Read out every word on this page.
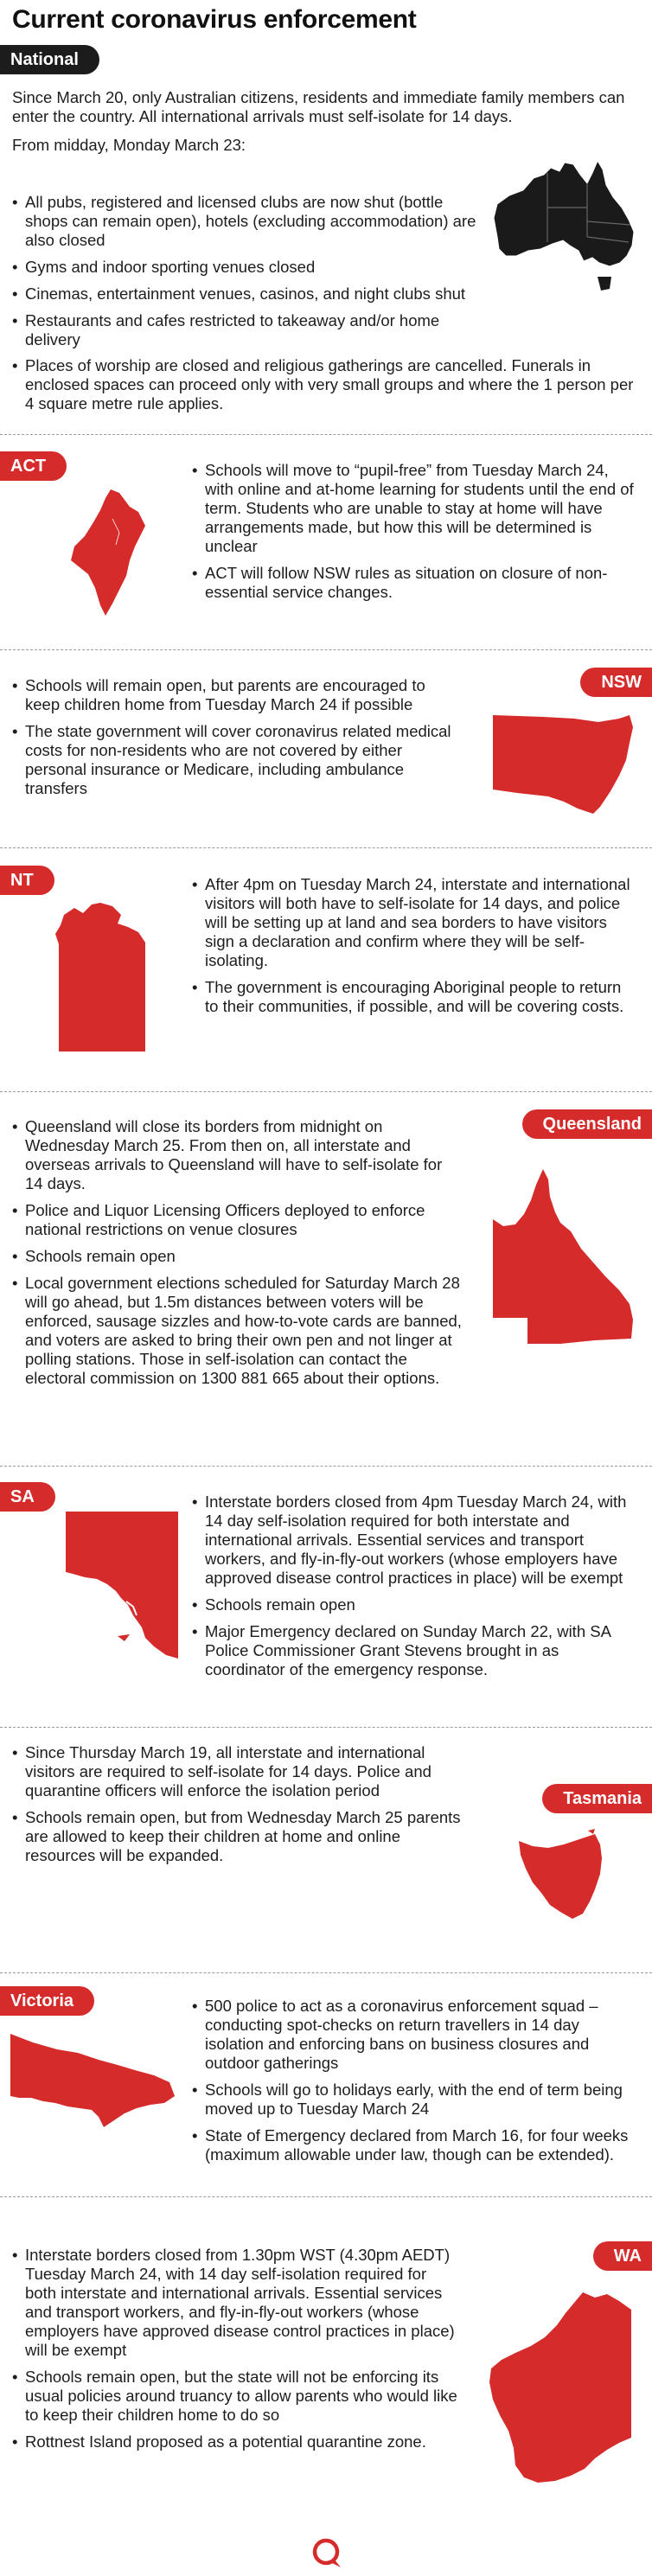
Current coronavirus enforcement
National

Since March 20, only Australian citizens, residents and immediate family members can enter the country. All international arrivals must self-isolate for 14 days.

From midday, Monday March 23:

• All pubs, registered and licensed clubs are now shut (bottle shops can remain open), hotels (excluding accommodation) are also closed
• Gyms and indoor sporting venues closed
• Cinemas, entertainment venues, casinos, and night clubs shut
• Restaurants and cafes restricted to takeaway and/or home delivery
• Places of worship are closed and religious gatherings are cancelled. Funerals in enclosed spaces can proceed only with very small groups and where the 1 person per 4 square metre rule applies.
ACT	• Schools will move to “pupil-free” from Tuesday March 24, with online and at-home learning for students until the end of term. Students who are unable to stay at home will have arrangements made, but how this will be determined is unclear
• ACT will follow NSW rules as situation on closure of non-essential service changes.
NSW
• Schools will remain open, but parents are encouraged to keep children home from Tuesday March 24 if possible
• The state government will cover coronavirus related medical costs for non-residents who are not covered by either personal insurance or Medicare, including ambulance transfers
NT	• After 4pm on Tuesday March 24, interstate and international visitors will both have to self-isolate for 14 days, and police will be setting up at land and sea borders to have visitors sign a declaration and confirm where they will be self-isolating.
• The government is encouraging Aboriginal people to return to their communities, if possible, and will be covering costs.
Queensland
• Queensland will close its borders from midnight on Wednesday March 25. From then on, all interstate and overseas arrivals to Queensland will have to self-isolate for 14 days.
• Police and Liquor Licensing Officers deployed to enforce national restrictions on venue closures
• Schools remain open
• Local government elections scheduled for Saturday March 28 will go ahead, but 1.5m distances between voters will be enforced, sausage sizzles and how-to-vote cards are banned, and voters are asked to bring their own pen and not linger at polling stations. Those in self-isolation can contact the electoral commission on 1300 881 665 about their options.
SA	• Interstate borders closed from 4pm Tuesday March 24, with 14 day self-isolation required for both interstate and international arrivals. Essential services and transport workers, and fly-in-fly-out workers (whose employers have approved disease control practices in place) will be exempt
• Schools remain open
• Major Emergency declared on Sunday March 22, with SA Police Commissioner Grant Stevens brought in as coordinator of the emergency response.
Tasmania
• Since Thursday March 19, all interstate and international visitors are required to self-isolate for 14 days. Police and quarantine officers will enforce the isolation period
• Schools remain open, but from Wednesday March 25 parents are allowed to keep their children at home and online resources will be expanded.
Victoria	• 500 police to act as a coronavirus enforcement squad – conducting spot-checks on return travellers in 14 day isolation and enforcing bans on business closures and outdoor gatherings
• Schools will go to holidays early, with the end of term being moved up to Tuesday March 24
• State of Emergency declared from March 16, for four weeks (maximum allowable under law, though can be extended).
WA
• Interstate borders closed from 1.30pm WST (4.30pm AEDT) Tuesday March 24, with 14 day self-isolation required for both interstate and international arrivals. Essential services and transport workers, and fly-in-fly-out workers (whose employers have approved disease control practices in place) will be exempt
• Schools remain open, but the state will not be enforcing its usual policies around truancy to allow parents who would like to keep their children home to do so
• Rottnest Island proposed as a potential quarantine zone.
